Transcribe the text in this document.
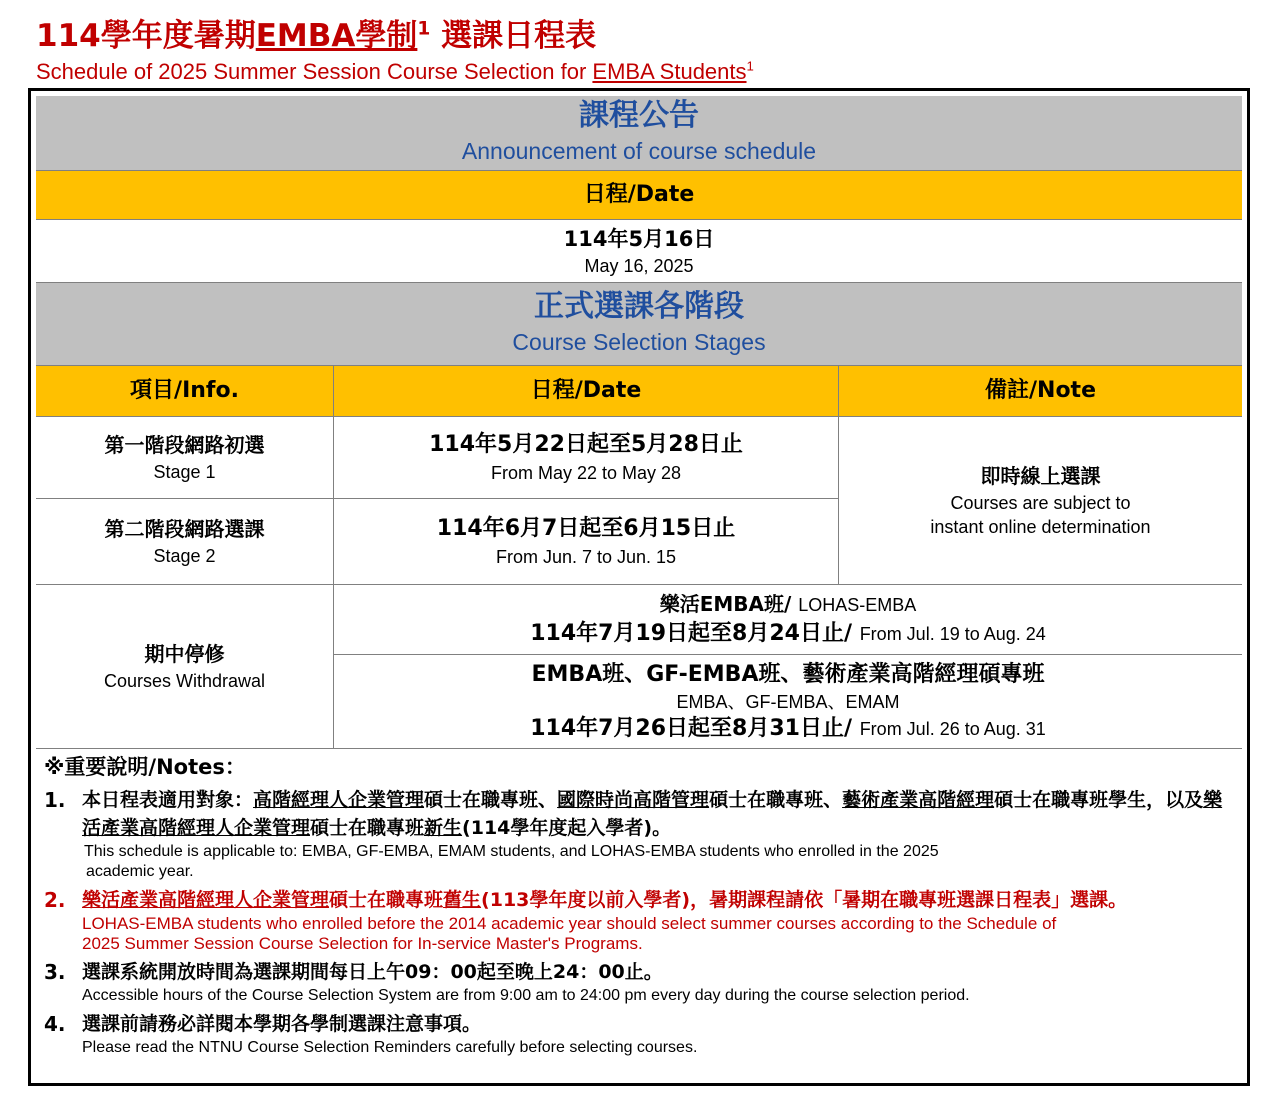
114學年度暑期EMBA學制$^1$ 選課日程表
Schedule of 2025 Summer Session Course Selection for EMBA Students$^1$
課程公告
Announcement of course schedule
日程/Date
114年5月16日
May 16, 2025
正式選課各階段
Course Selection Stages
項目/Info.	日程/Date	備註/Note
第一階段網路初選
Stage 1
114年5月22日起至5月28日止
From May 22 to May 28
第二階段網路選課
Stage 2
114年6月7日起至6月15日止
From Jun. 7 to Jun. 15
即時線上選課
Courses are subject to
instant online determination
期中停修
Courses Withdrawal
樂活EMBA班/ LOHAS-EMBA
114年7月19日起至8月24日止/ From Jul. 19 to Aug. 24
EMBA班、GF-EMBA班、藝術產業高階經理碩專班
EMBA、GF-EMBA、EMAM
114年7月26日起至8月31日止/ From Jul. 26 to Aug. 31
※重要說明/Notes：
1. 本日程表適用對象：高階經理人企業管理碩士在職專班、國際時尚高階管理碩士在職專班、藝術產業高階經理碩士在職專班學生，以及樂活產業高階經理人企業管理碩士在職專班新生(114學年度起入學者)。
This schedule is applicable to: EMBA, GF-EMBA, EMAM students, and LOHAS-EMBA students who enrolled in the 2025
academic year.
2. 樂活產業高階經理人企業管理碩士在職專班舊生(113學年度以前入學者)，暑期課程請依「暑期在職專班選課日程表」選課。
LOHAS-EMBA students who enrolled before the 2014 academic year should select summer courses according to the Schedule of
2025 Summer Session Course Selection for In-service Master's Programs.
3. 選課系統開放時間為選課期間每日上午09：00起至晚上24：00止。
Accessible hours of the Course Selection System are from 9:00 am to 24:00 pm every day during the course selection period.
4. 選課前請務必詳閱本學期各學制選課注意事項。
Please read the NTNU Course Selection Reminders carefully before selecting courses.
